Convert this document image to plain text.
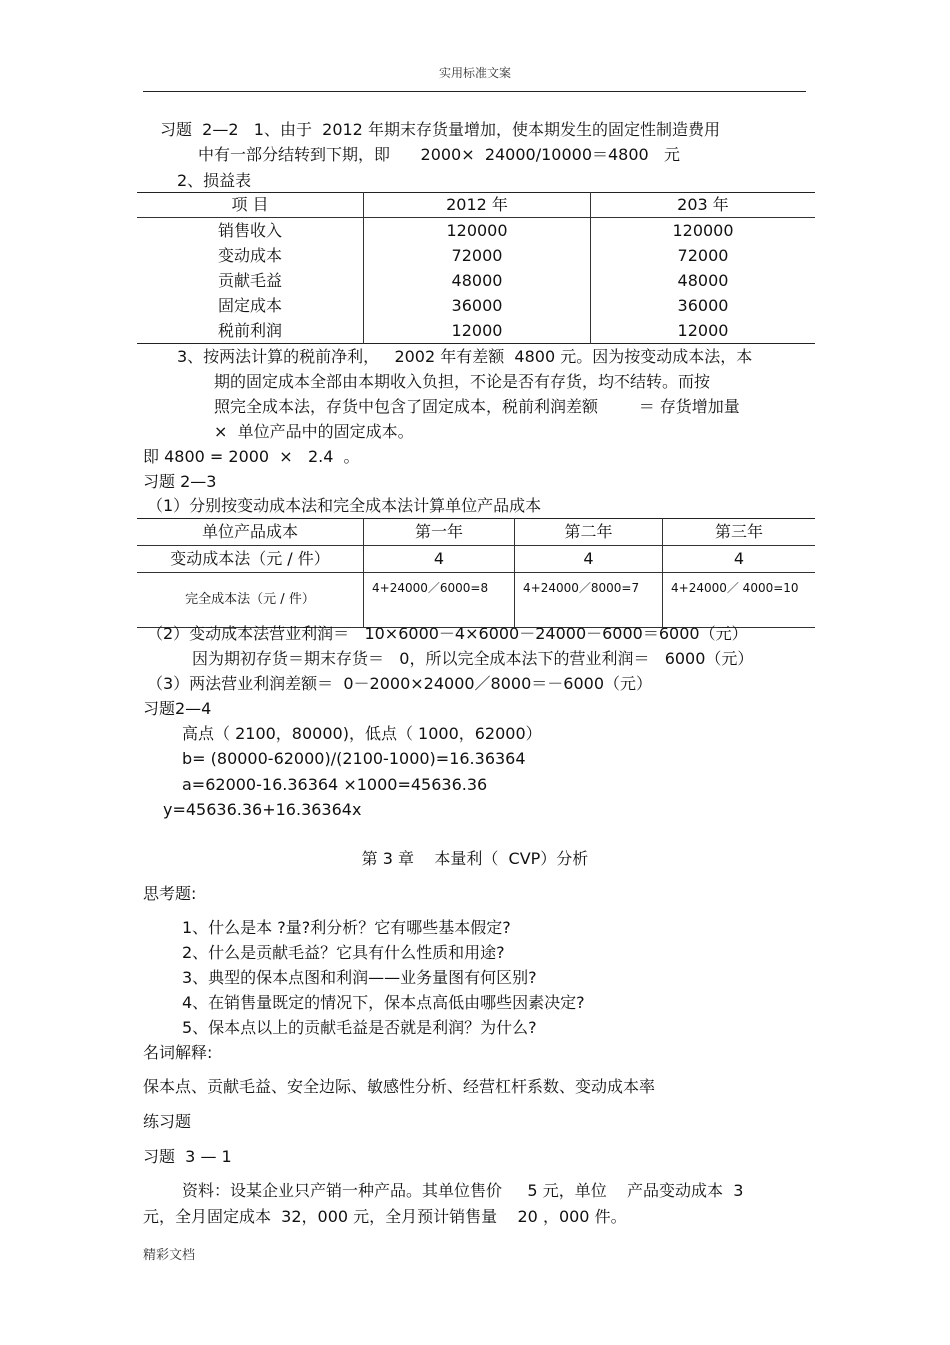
实用标准文案
习题  2—2   1、由于  2012 年期末存货量增加，使本期发生的固定性制造费用
中有一部分结转到下期，即      2000×  24000/10000＝4800   元
2、损益表
项 目	2012 年	203 年
销售收入	120000	120000
变动成本	72000	72000
贡献毛益	48000	48000
固定成本	36000	36000
税前利润	12000	12000
3、按两法计算的税前净利，   2002 年有差额  4800 元。因为按变动成本法，本
期的固定成本全部由本期收入负担，不论是否有存货，均不结转。而按
照完全成本法，存货中包含了固定成本，税前利润差额        ＝ 存货增加量
×  单位产品中的固定成本。
即 4800 = 2000  ×   2.4  。
习题 2—3
（1）分别按变动成本法和完全成本法计算单位产品成本
单位产品成本	第一年	第二年	第三年
变动成本法（元 / 件）	4	4	4
完全成本法（元 / 件）	4+24000／6000=8	4+24000／8000=7	4+24000／ 4000=10
（2）变动成本法营业利润＝   10×6000－4×6000－24000－6000＝6000（元）
因为期初存货＝期末存货＝   0，所以完全成本法下的营业利润＝   6000（元）
（3）两法营业利润差额＝  0－2000×24000／8000＝－6000（元）
习题2—4
高点（ 2100，80000)，低点（ 1000，62000）
b= (80000-62000)/(2100-1000)=16.36364
a=62000-16.36364 ×1000=45636.36
y=45636.36+16.36364x
第 3 章    本量利（  CVP）分析
思考题:
1、什么是本 ?量?利分析？它有哪些基本假定?
2、什么是贡献毛益？它具有什么性质和用途?
3、典型的保本点图和利润——业务量图有何区别?
4、在销售量既定的情况下，保本点高低由哪些因素决定?
5、保本点以上的贡献毛益是否就是利润？为什么?
名词解释:
保本点、贡献毛益、安全边际、敏感性分析、经营杠杆系数、变动成本率
练习题
习题  3 — 1
资料：设某企业只产销一种产品。其单位售价     5 元，单位    产品变动成本  3
元，全月固定成本  32，000 元，全月预计销售量    20 ，000 件。
精彩文档
